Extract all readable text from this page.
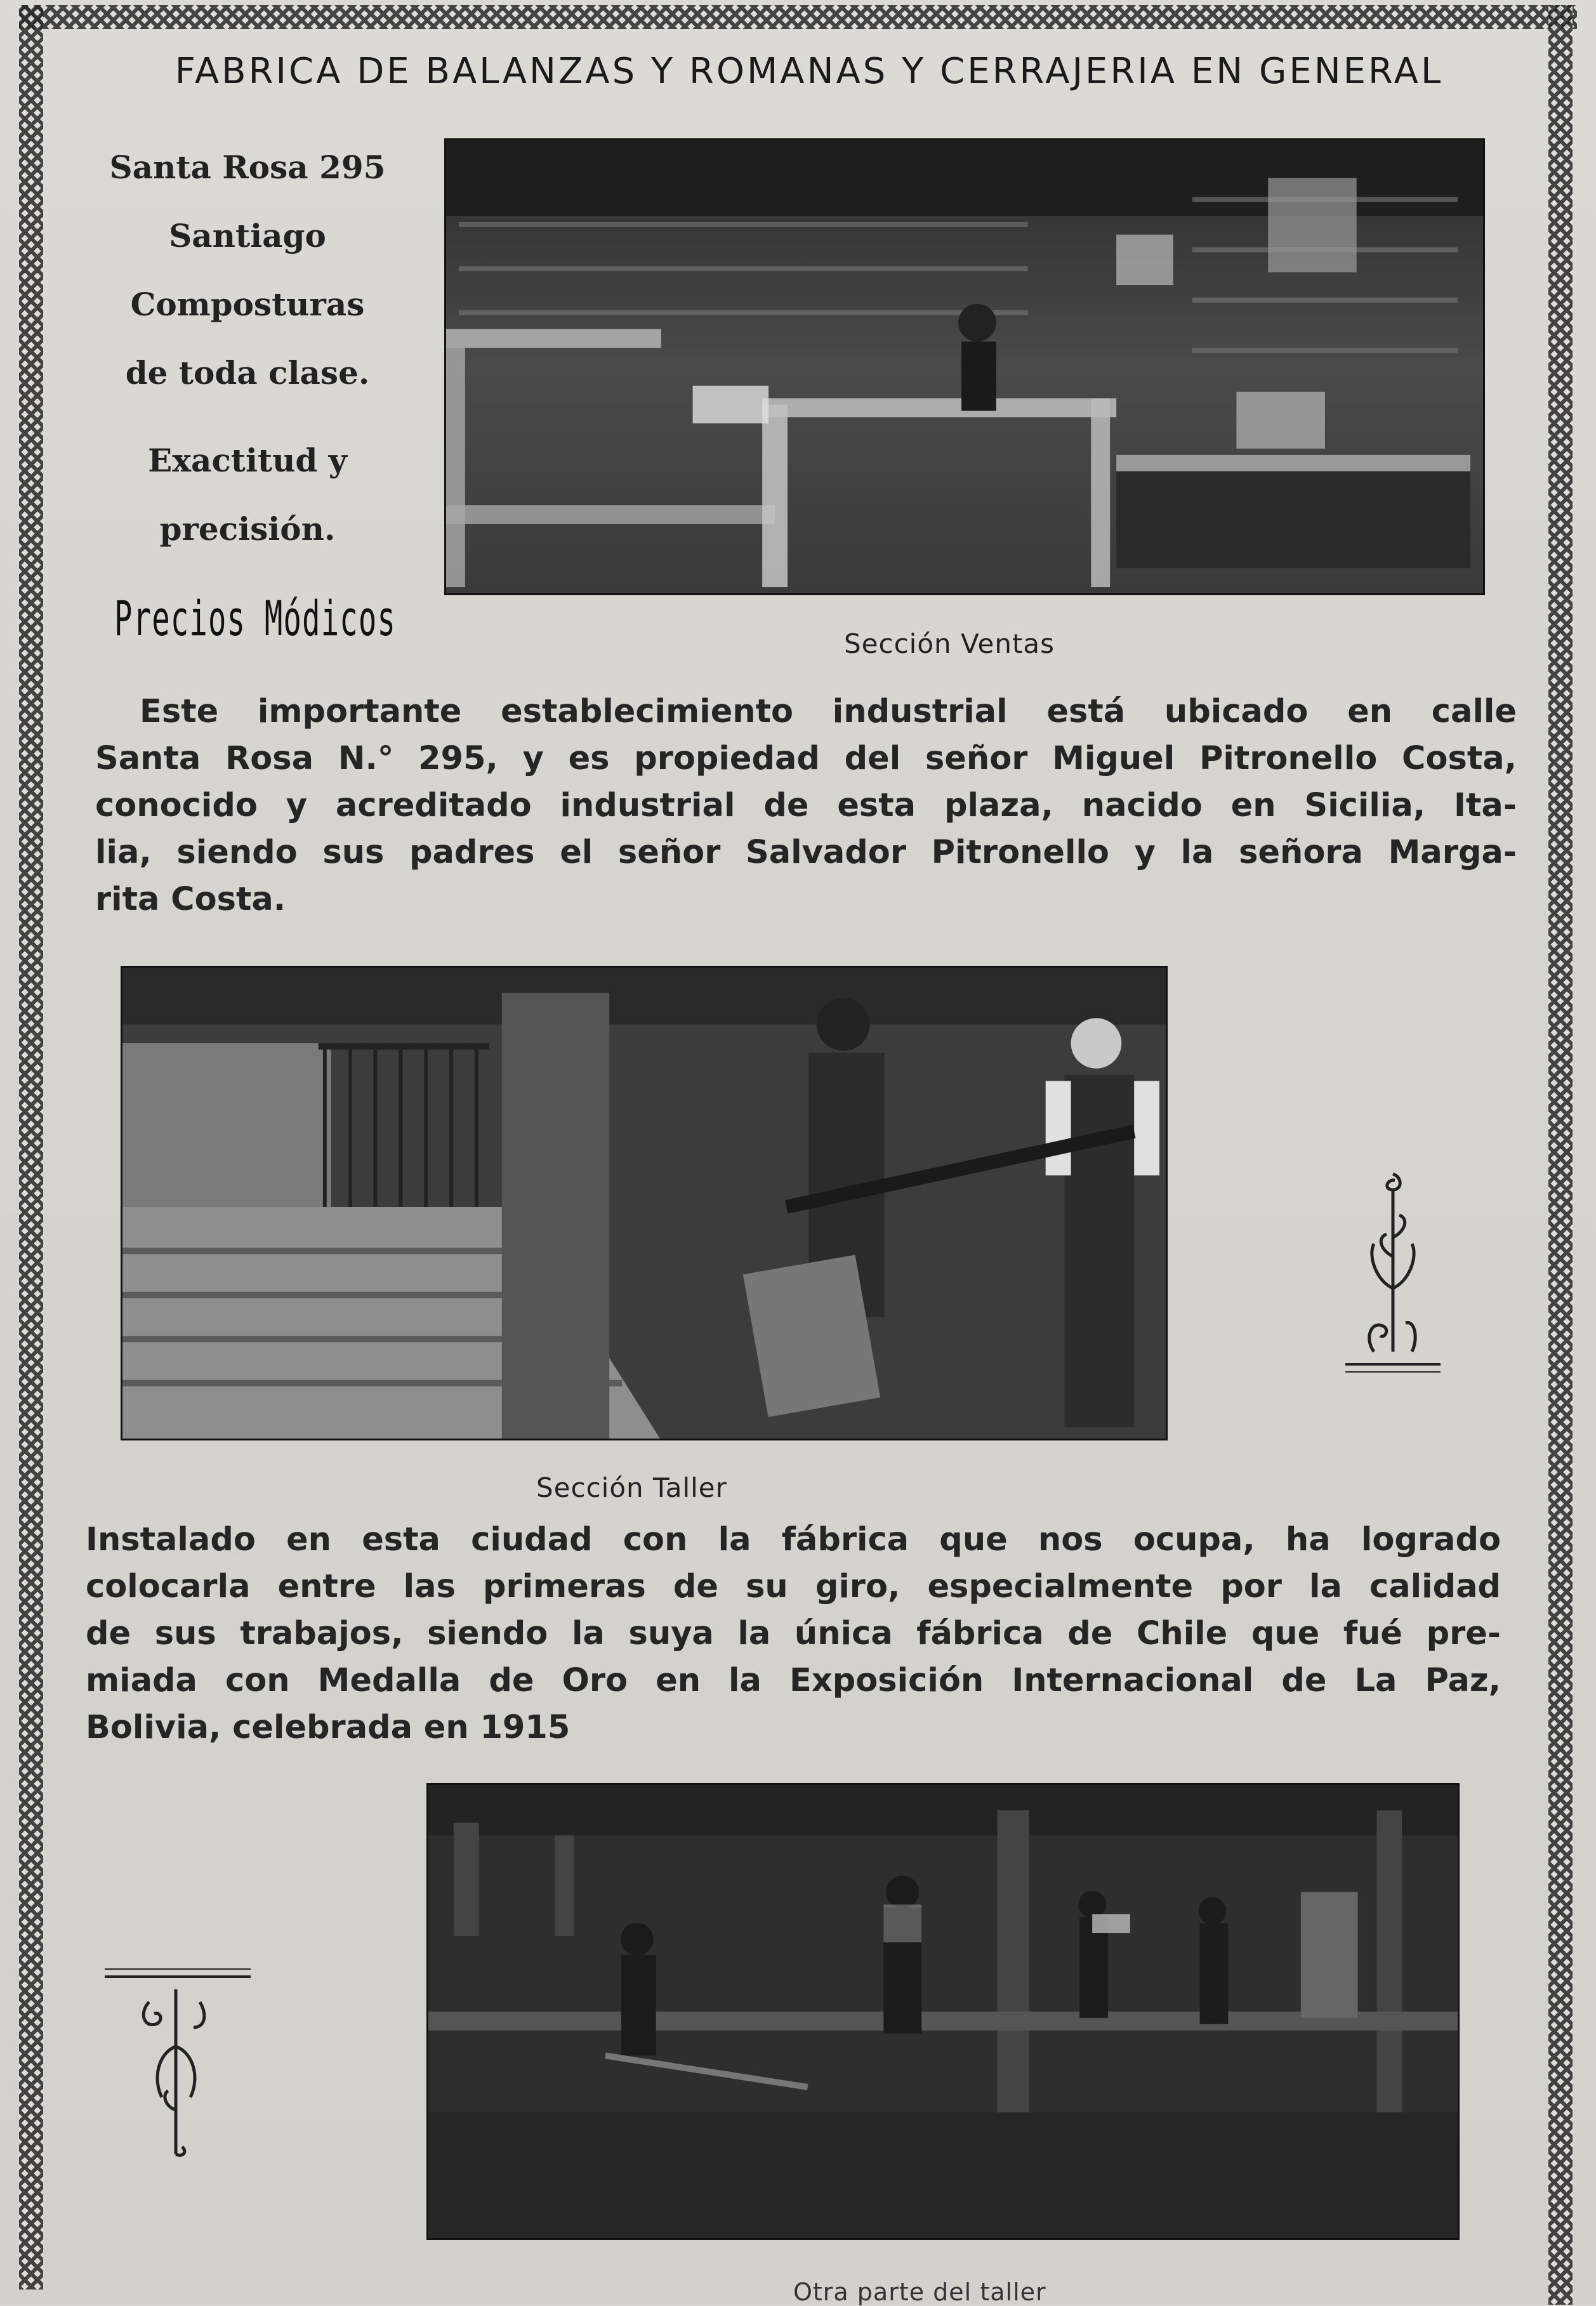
FABRICA DE BALANZAS Y ROMANAS Y CERRAJERIA EN GENERAL
Santa Rosa 295
Santiago
Composturas
de toda clase.
Exactitud y
precisión.
Precios Módicos	Sección Ventas
Este importante establecimiento industrial está ubicado en calle
Santa Rosa N.° 295, y es propiedad del señor Miguel Pitronello Costa,
conocido y acreditado industrial de esta plaza, nacido en Sicilia, Ita-
lia, siendo sus padres el señor Salvador Pitronello y la señora Marga-
rita Costa.
Sección Taller
Instalado en esta ciudad con la fábrica que nos ocupa, ha logrado
colocarla entre las primeras de su giro, especialmente por la calidad
de sus trabajos, siendo la suya la única fábrica de Chile que fué pre-
miada con Medalla de Oro en la Exposición Internacional de La Paz,
Bolivia, celebrada en 1915
Otra parte del taller
